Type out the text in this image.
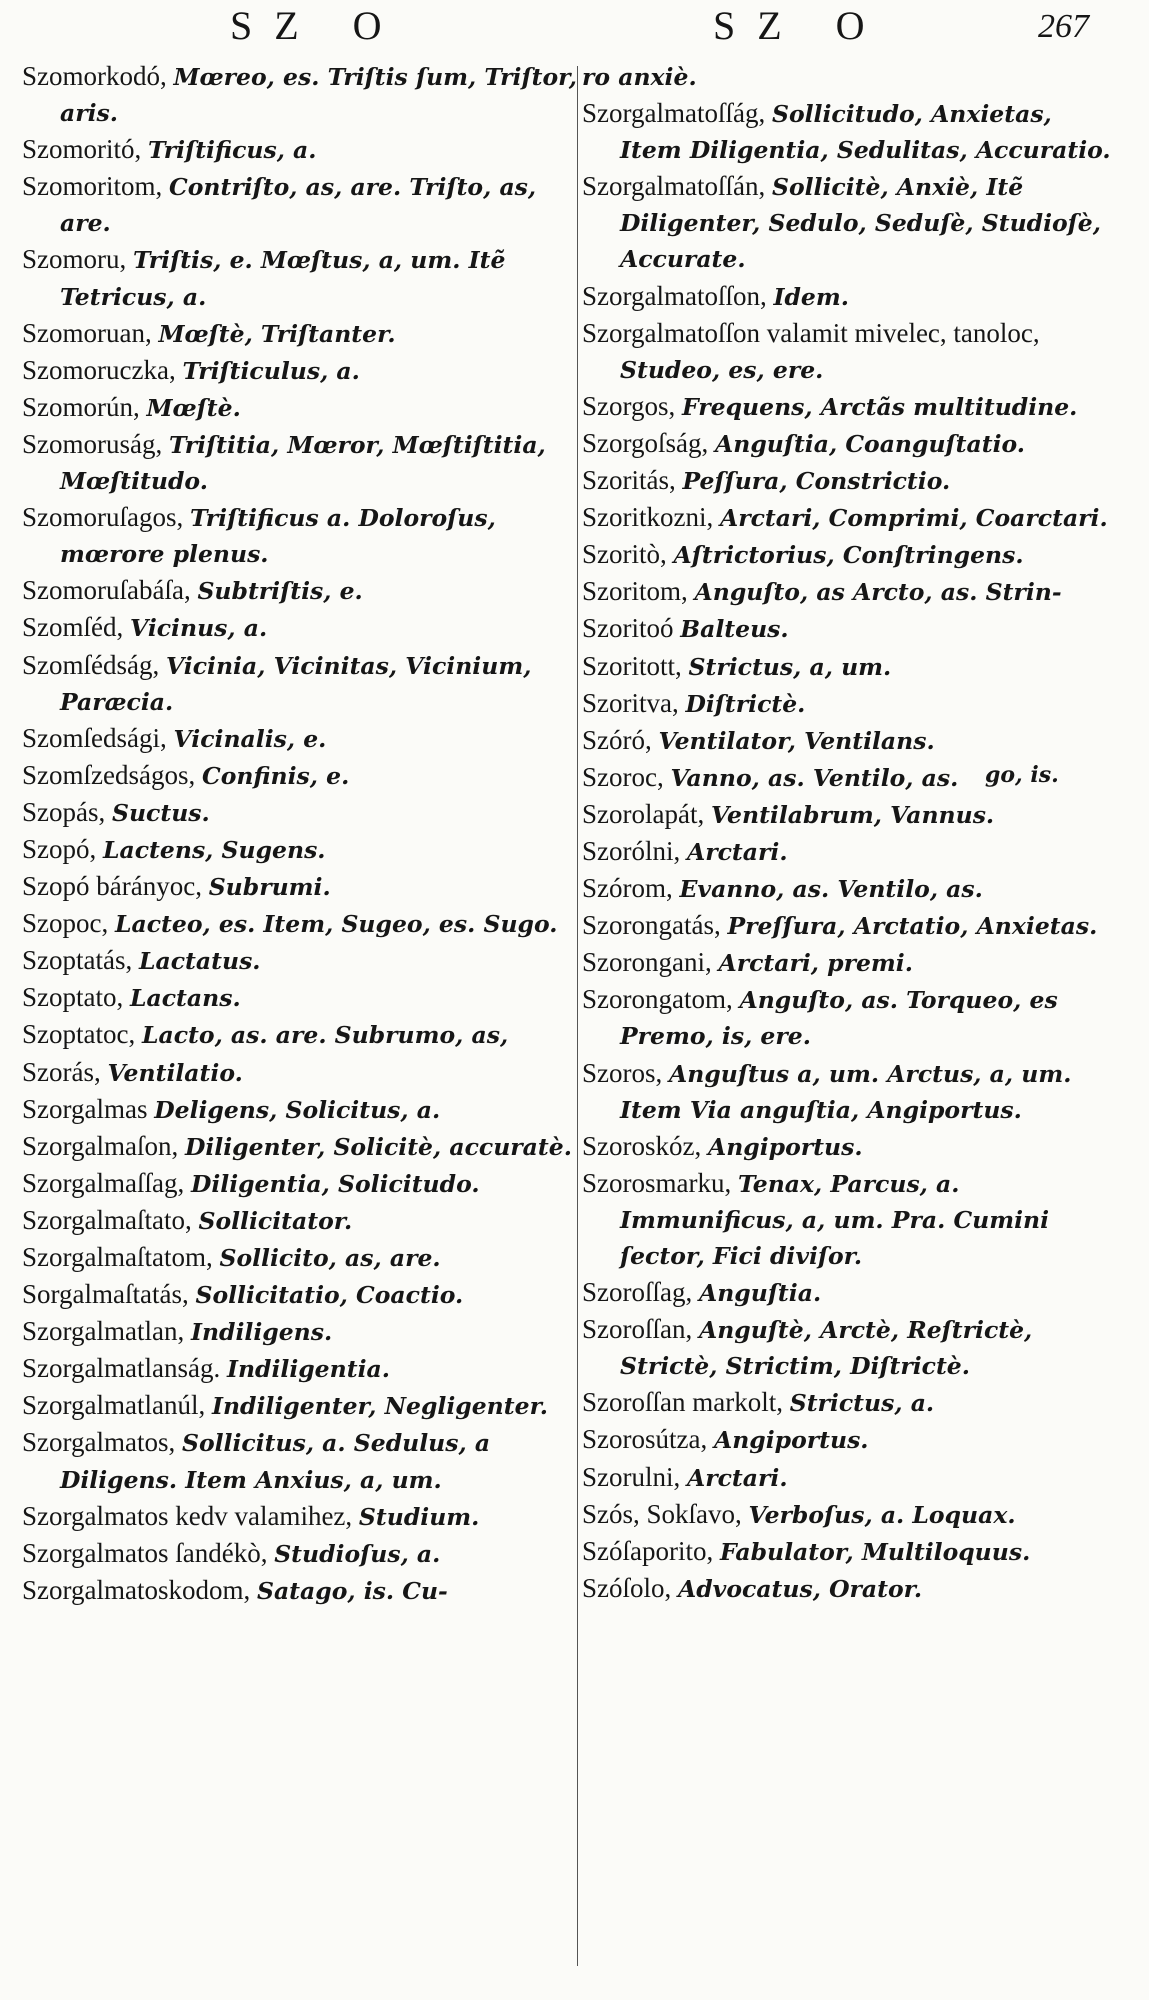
SZ O	SZ O	267
Szomorkodó, Mœreo, es. Triſtis ſum, Triſtor, aris.
Szomoritó, Triſtificus, a.
Szomoritom, Contriſto, as, are. Triſto, as, are.
Szomoru, Triſtis, e. Mœſtus, a, um. Itẽ Tetricus, a.
Szomoruan, Mœſtè, Triſtanter.
Szomoruczka, Triſticulus, a.
Szomorún, Mœſtè.
Szomoruság, Triſtitia, Mœror, Mœſtiſtitia, Mœſtitudo.
Szomoruſagos, Triſtificus a. Doloroſus, mœrore plenus.
Szomoruſabáſa, Subtriſtis, e.
Szomſéd, Vicinus, a.
Szomſédság, Vicinia, Vicinitas, Vicinium, Paræcia.
Szomſedsági, Vicinalis, e.
Szomſzedságos, Confinis, e.
Szopás, Suctus.
Szopó, Lactens, Sugens.
Szopó bárányoc, Subrumi.
Szopoc, Lacteo, es. Item, Sugeo, es. Sugo.
Szoptatás, Lactatus.
Szoptato, Lactans.
Szoptatoc, Lacto, as. are. Subrumo, as,
Szorás, Ventilatio.
Szorgalmas Deligens, Solicitus, a.
Szorgalmaſon, Diligenter, Solicitè, accuratè.
Szorgalmaſſag, Diligentia, Solicitudo.
Szorgalmaſtato, Sollicitator.
Szorgalmaſtatom, Sollicito, as, are.
Sorgalmaſtatás, Sollicitatio, Coactio.
Szorgalmatlan, Indiligens.
Szorgalmatlanság. Indiligentia.
Szorgalmatlanúl, Indiligenter, Negligenter.
Szorgalmatos, Sollicitus, a. Sedulus, a Diligens. Item Anxius, a, um.
Szorgalmatos kedv valamihez, Studium.
Szorgalmatos ſandékò, Studioſus, a.
Szorgalmatoskodom, Satago, is. Cu-
ro anxiè.
Szorgalmatoſſág, Sollicitudo, Anxietas, Item Diligentia, Sedulitas, Accuratio.
Szorgalmatoſſán, Sollicitè, Anxiè, Itẽ Diligenter, Sedulo, Seduſè, Studioſè, Accurate.
Szorgalmatoſſon, Idem.
Szorgalmatoſſon valamit mivelec, tanoloc, Studeo, es, ere.
Szorgos, Frequens, Arctãs multitudine.
Szorgoſság, Anguſtia, Coanguſtatio.
Szoritás, Peſſura, Constrictio.
Szoritkozni, Arctari, Comprimi, Coarctari.
Szoritò, Aſtrictorius, Conſtringens.
Szoritom, Anguſto, as Arcto, as. Strin-
Szoritoó Balteus.
Szoritott, Strictus, a, um.
Szoritva, Diſtrictè.
Szóró, Ventilator, Ventilans.
Szoroc, Vanno, as. Ventilo, as.
Szorolapát, Ventilabrum, Vannus.
Szorólni, Arctari.
Szórom, Evanno, as. Ventilo, as.
Szorongatás, Preſſura, Arctatio, Anxietas.
Szorongani, Arctari, premi.
Szorongatom, Anguſto, as. Torqueo, es Premo, is, ere.
Szoros, Anguſtus a, um. Arctus, a, um. Item Via anguſtia, Angiportus.
Szoroskóz, Angiportus.
Szorosmarku, Tenax, Parcus, a. Immunificus, a, um. Pra. Cumini ſector, Fici diviſor.
Szoroſſag, Anguſtia.
Szoroſſan, Anguſtè, Arctè, Reſtrictè, Strictè, Strictim, Diſtrictè.
Szoroſſan markolt, Strictus, a.
Szorosútza, Angiportus.
Szorulni, Arctari.
Szós, Sokſavo, Verboſus, a. Loquax.
Szóſaporito, Fabulator, Multiloquus.
Szóſolo, Advocatus, Orator.
go, is.
